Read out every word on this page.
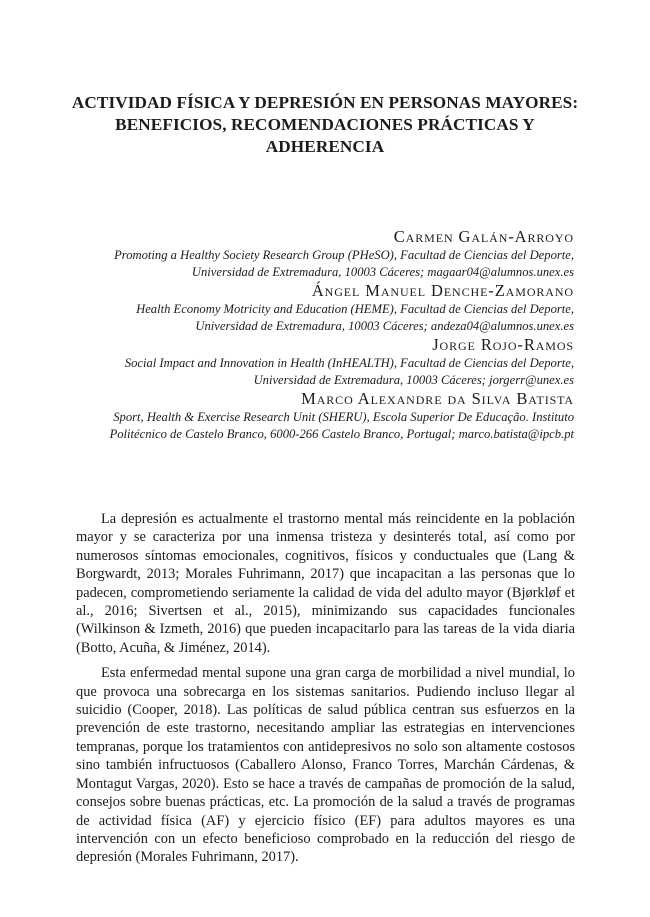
ACTIVIDAD FÍSICA Y DEPRESIÓN EN PERSONAS MAYORES:
BENEFICIOS, RECOMENDACIONES PRÁCTICAS Y
ADHERENCIA
Carmen Galán-Arroyo
Promoting a Healthy Society Research Group (PHeSO), Facultad de Ciencias del Deporte,
Universidad de Extremadura, 10003 Cáceres; magaar04@alumnos.unex.es
Ángel Manuel Denche-Zamorano
Health Economy Motricity and Education (HEME), Facultad de Ciencias del Deporte,
Universidad de Extremadura, 10003 Cáceres; andeza04@alumnos.unex.es
Jorge Rojo-Ramos
Social Impact and Innovation in Health (InHEALTH), Facultad de Ciencias del Deporte,
Universidad de Extremadura, 10003 Cáceres; jorgerr@unex.es
Marco Alexandre da Silva Batista
Sport, Health & Exercise Research Unit (SHERU), Escola Superior De Educação. Instituto
Politécnico de Castelo Branco, 6000-266 Castelo Branco, Portugal; marco.batista@ipcb.pt

La depresión es actualmente el trastorno mental más reincidente en la población mayor y se caracteriza por una inmensa tristeza y desinterés total, así como por numerosos síntomas emocionales, cognitivos, físicos y conductuales que (Lang & Borgwardt, 2013; Morales Fuhrimann, 2017) que incapacitan a las personas que lo padecen, comprometiendo seriamente la calidad de vida del adulto mayor (Bjørkløf et al., 2016; Sivertsen et al., 2015), minimizando sus capacidades funcionales (Wilkinson & Izmeth, 2016) que pueden incapacitarlo para las tareas de la vida diaria (Botto, Acuña, & Jiménez, 2014).

Esta enfermedad mental supone una gran carga de morbilidad a nivel mundial, lo que provoca una sobrecarga en los sistemas sanitarios. Pudiendo incluso llegar al suicidio (Cooper, 2018). Las políticas de salud pública centran sus esfuerzos en la prevención de este trastorno, necesitando ampliar las estrategias en intervenciones tempranas, porque los tratamientos con antidepresivos no solo son altamente costosos sino también infructuosos (Caballero Alonso, Franco Torres, Marchán Cárdenas, & Montagut Vargas, 2020). Esto se hace a través de campañas de promoción de la salud, consejos sobre buenas prácticas, etc. La promoción de la salud a través de programas de actividad física (AF) y ejercicio físico (EF) para adultos mayores es una intervención con un efecto beneficioso comprobado en la reducción del riesgo de depresión (Morales Fuhrimann, 2017).
